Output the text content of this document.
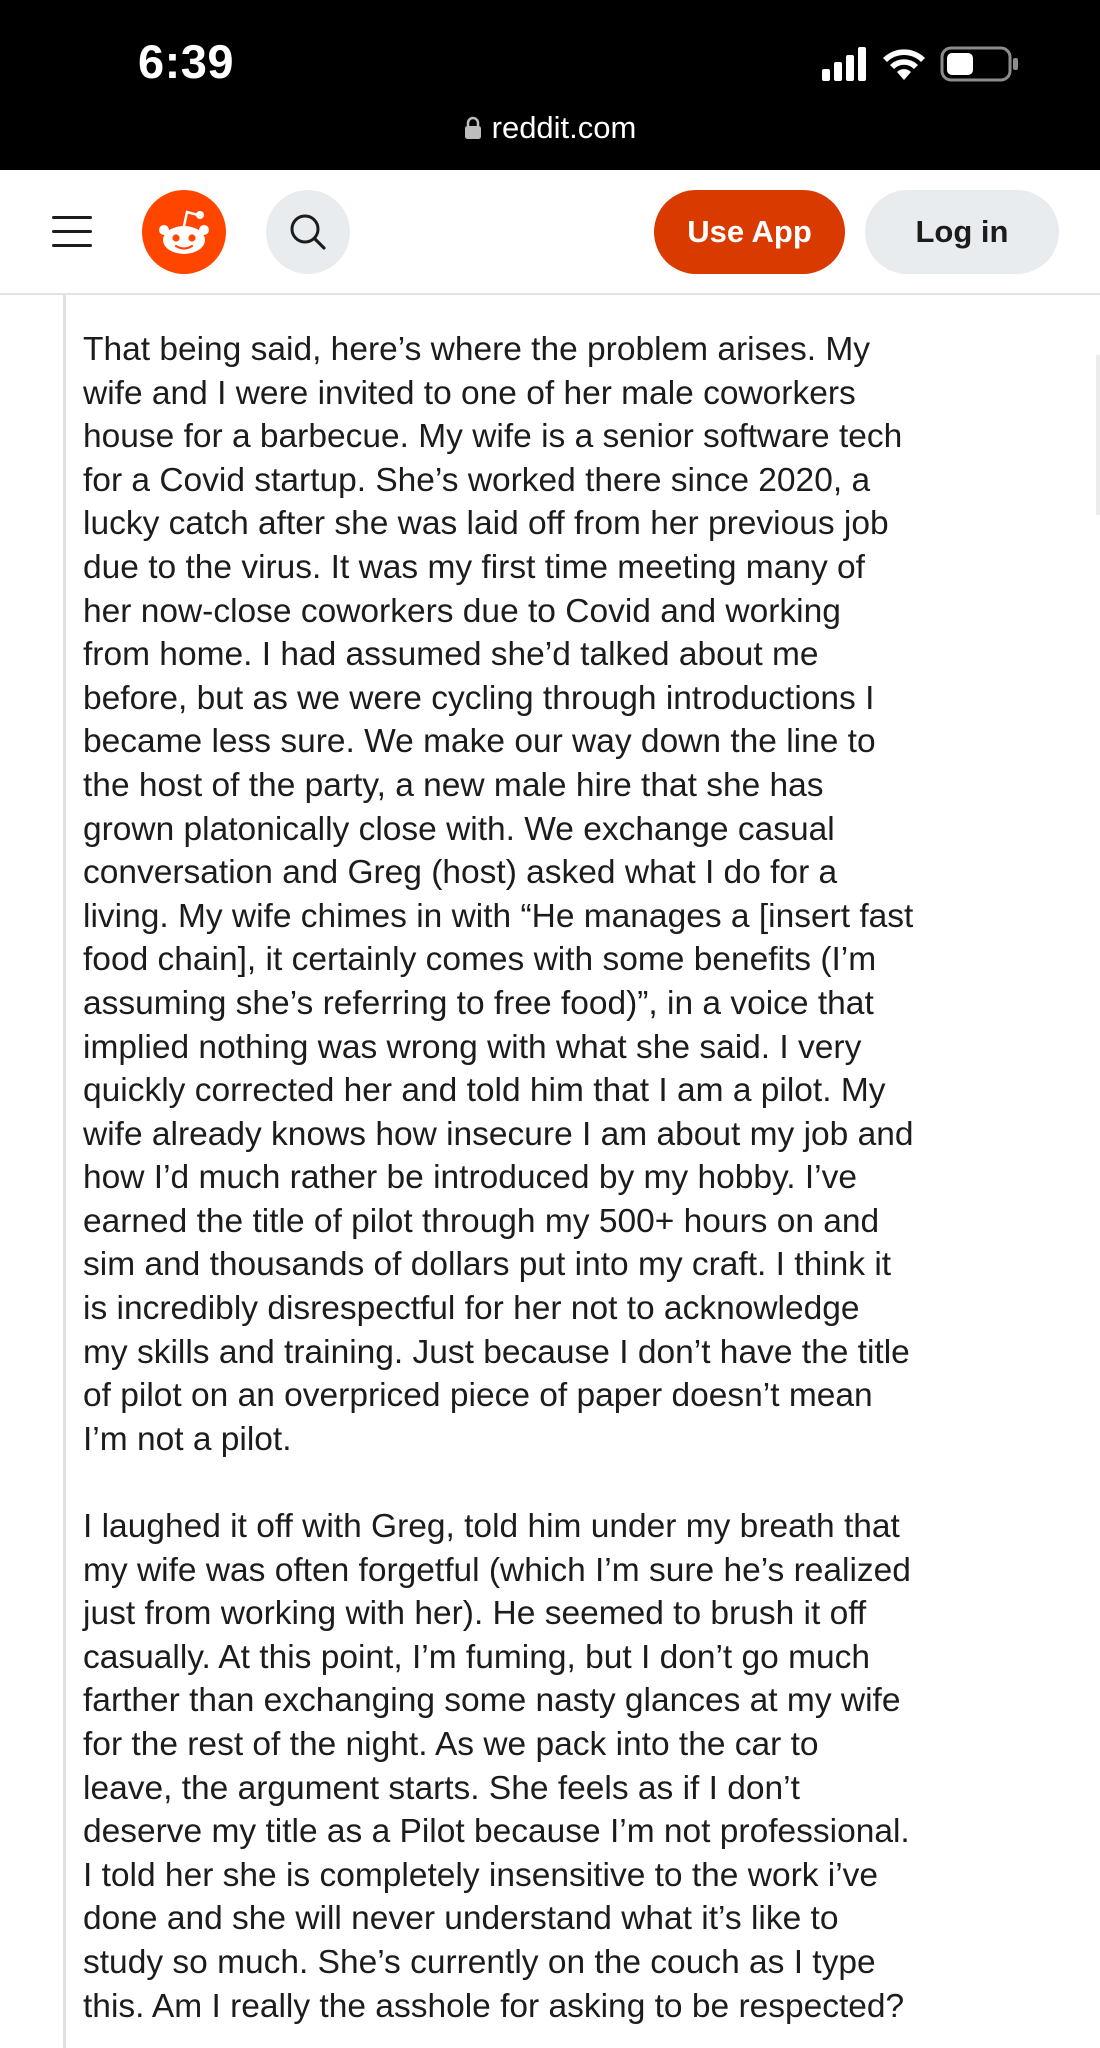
6:39
reddit.com
Use App	Log in

That being said, here’s where the problem arises. My

wife and I were invited to one of her male coworkers

house for a barbecue. My wife is a senior software tech

for a Covid startup. She’s worked there since 2020, a

lucky catch after she was laid off from her previous job

due to the virus. It was my first time meeting many of

her now-close coworkers due to Covid and working

from home. I had assumed she’d talked about me

before, but as we were cycling through introductions I

became less sure. We make our way down the line to

the host of the party, a new male hire that she has

grown platonically close with. We exchange casual

conversation and Greg (host) asked what I do for a

living. My wife chimes in with “He manages a [insert fast

food chain], it certainly comes with some benefits (I’m

assuming she’s referring to free food)”, in a voice that

implied nothing was wrong with what she said. I very

quickly corrected her and told him that I am a pilot. My

wife already knows how insecure I am about my job and

how I’d much rather be introduced by my hobby. I’ve

earned the title of pilot through my 500+ hours on and

sim and thousands of dollars put into my craft. I think it

is incredibly disrespectful for her not to acknowledge

my skills and training. Just because I don’t have the title

of pilot on an overpriced piece of paper doesn’t mean

I’m not a pilot.

I laughed it off with Greg, told him under my breath that

my wife was often forgetful (which I’m sure he’s realized

just from working with her). He seemed to brush it off

casually. At this point, I’m fuming, but I don’t go much

farther than exchanging some nasty glances at my wife

for the rest of the night. As we pack into the car to

leave, the argument starts. She feels as if I don’t

deserve my title as a Pilot because I’m not professional.

I told her she is completely insensitive to the work i’ve

done and she will never understand what it’s like to

study so much. She’s currently on the couch as I type

this. Am I really the asshole for asking to be respected?
